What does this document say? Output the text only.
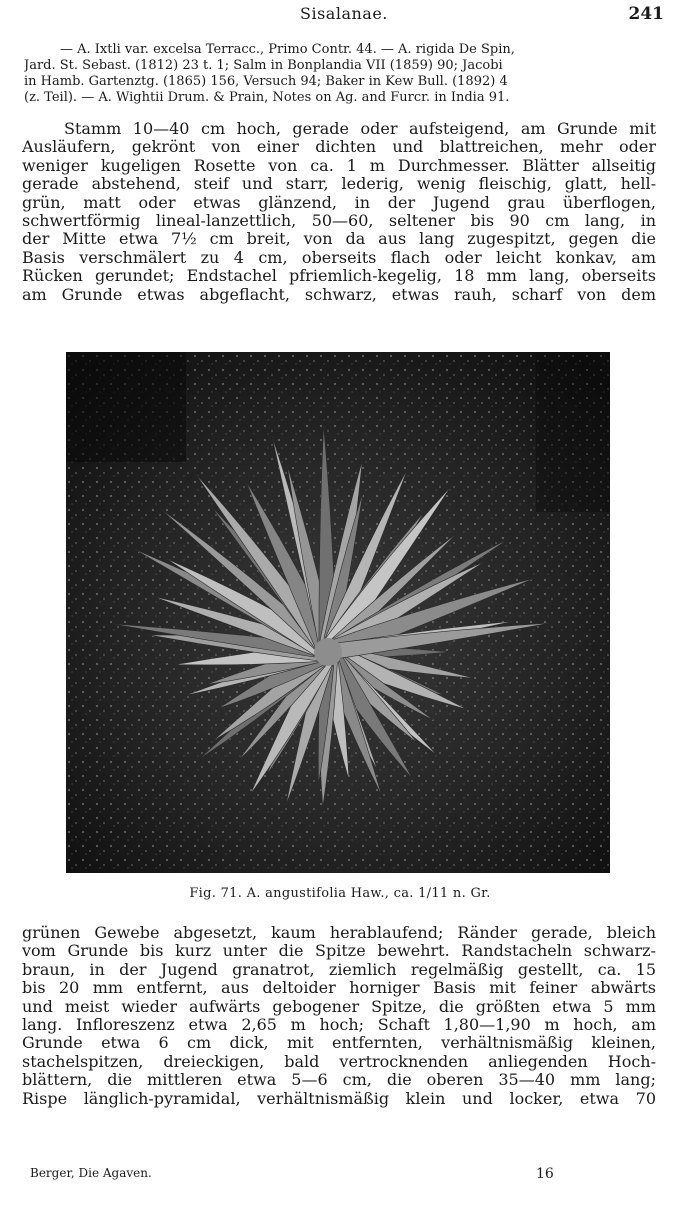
Sisalanae.	241
— A. Ixtli var. excelsa Terracc., Primo Contr. 44. — A. rigida De Spin,
Jard. St. Sebast. (1812) 23 t. 1; Salm in Bonplandia VII (1859) 90; Jacobi
in Hamb. Gartenztg. (1865) 156, Versuch 94; Baker in Kew Bull. (1892) 4
(z. Teil). — A. Wightii Drum. & Prain, Notes on Ag. and Furcr. in India 91.
Stamm 10—40 cm hoch, gerade oder aufsteigend, am Grunde mit
Ausläufern, gekrönt von einer dichten und blattreichen, mehr oder
weniger kugeligen Rosette von ca. 1 m Durchmesser. Blätter allseitig
gerade abstehend, steif und starr, lederig, wenig fleischig, glatt, hell-
grün, matt oder etwas glänzend, in der Jugend grau überflogen,
schwertförmig lineal-lanzettlich, 50—60, seltener bis 90 cm lang, in
der Mitte etwa 7½ cm breit, von da aus lang zugespitzt, gegen die
Basis verschmälert zu 4 cm, oberseits flach oder leicht konkav, am
Rücken gerundet; Endstachel pfriemlich-kegelig, 18 mm lang, oberseits
am Grunde etwas abgeflacht, schwarz, etwas rauh, scharf von dem
Fig. 71. A. angustifolia Haw., ca. 1/11 n. Gr.
grünen Gewebe abgesetzt, kaum herablaufend; Ränder gerade, bleich
vom Grunde bis kurz unter die Spitze bewehrt. Randstacheln schwarz-
braun, in der Jugend granatrot, ziemlich regelmäßig gestellt, ca. 15
bis 20 mm entfernt, aus deltoider horniger Basis mit feiner abwärts
und meist wieder aufwärts gebogener Spitze, die größten etwa 5 mm
lang. Infloreszenz etwa 2,65 m hoch; Schaft 1,80—1,90 m hoch, am
Grunde etwa 6 cm dick, mit entfernten, verhältnismäßig kleinen,
stachelspitzen, dreieckigen, bald vertrocknenden anliegenden Hoch-
blättern, die mittleren etwa 5—6 cm, die oberen 35—40 mm lang;
Rispe länglich-pyramidal, verhältnismäßig klein und locker, etwa 70
Berger, Die Agaven.	16
